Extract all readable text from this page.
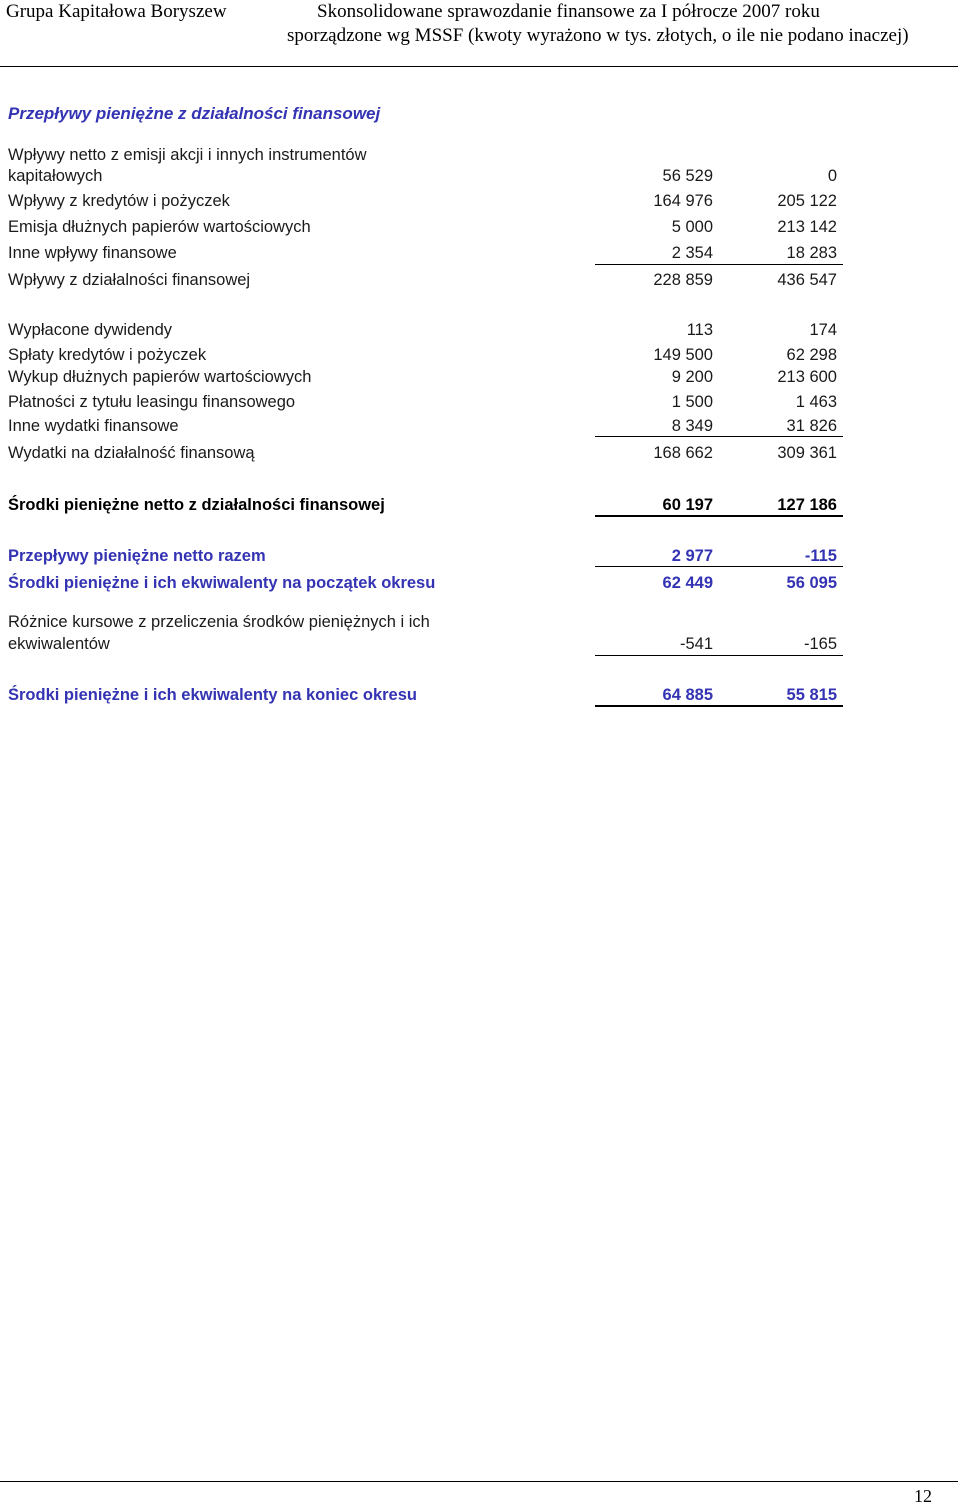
Grupa Kapitałowa Boryszew	Skonsolidowane sprawozdanie finansowe za I półrocze 2007 roku
sporządzone wg MSSF (kwoty wyrażono w tys. złotych, o ile nie podano inaczej)
Przepływy pieniężne z działalności finansowej
Wpływy netto z emisji akcji i innych instrumentów
kapitałowych	56 529	0
Wpływy z kredytów i pożyczek	164 976	205 122
Emisja dłużnych papierów wartościowych	5 000	213 142
Inne wpływy finansowe	2 354	18 283
Wpływy z działalności finansowej	228 859	436 547
Wypłacone dywidendy	113	174
Spłaty kredytów i pożyczek	149 500	62 298
Wykup dłużnych papierów wartościowych	9 200	213 600
Płatności z tytułu leasingu finansowego	1 500	1 463
Inne wydatki finansowe	8 349	31 826
Wydatki na działalność finansową	168 662	309 361
Środki pieniężne netto z działalności finansowej	60 197	127 186
Przepływy pieniężne netto razem	2 977	-115
Środki pieniężne i ich ekwiwalenty na początek okresu	62 449	56 095
Różnice kursowe z przeliczenia środków pieniężnych i ich
ekwiwalentów	-541	-165
Środki pieniężne i ich ekwiwalenty na koniec okresu	64 885	55 815
12
